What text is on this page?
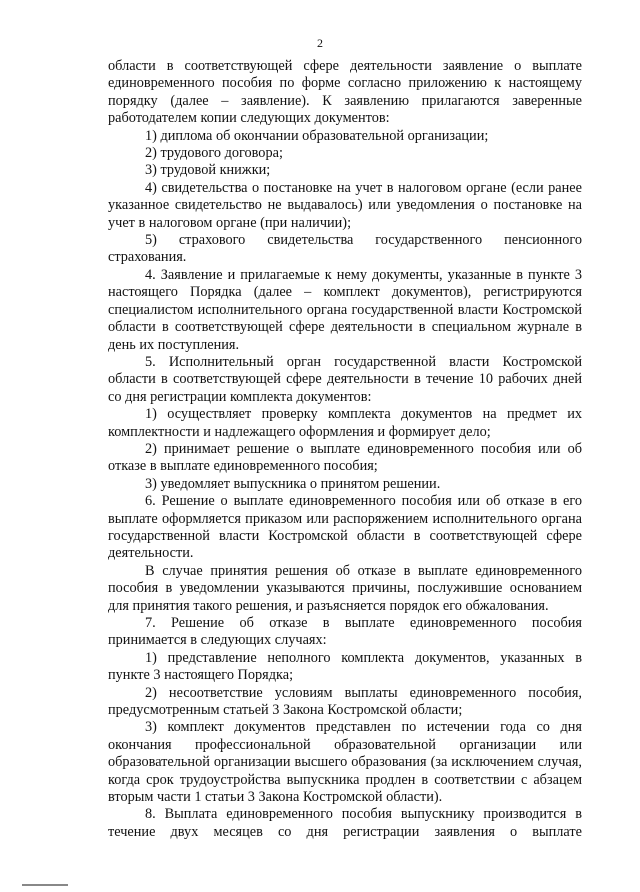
2

области в соответствующей сфере деятельности заявление о выплате единовременного пособия по форме согласно приложению к настоящему порядку (далее – заявление). К заявлению прилагаются заверенные работодателем копии следующих документов:

1) диплома об окончании образовательной организации;

2) трудового договора;

3) трудовой книжки;

4) свидетельства о постановке на учет в налоговом органе (если ранее указанное свидетельство не выдавалось) или уведомления о постановке на учет в налоговом органе (при наличии);

5) страхового свидетельства государственного пенсионного страхования.

4. Заявление и прилагаемые к нему документы, указанные в пункте 3 настоящего Порядка (далее – комплект документов), регистрируются специалистом исполнительного органа государственной власти Костромской области в соответствующей сфере деятельности в специальном журнале в день их поступления.

5. Исполнительный орган государственной власти Костромской области в соответствующей сфере деятельности в течение 10 рабочих дней со дня регистрации комплекта документов:

1) осуществляет проверку комплекта документов на предмет их комплектности и надлежащего оформления и формирует дело;

2) принимает решение о выплате единовременного пособия или об отказе в выплате единовременного пособия;

3) уведомляет выпускника о принятом решении.

6. Решение о выплате единовременного пособия или об отказе в его выплате оформляется приказом или распоряжением исполнительного органа государственной власти Костромской области в соответствующей сфере деятельности.

В случае принятия решения об отказе в выплате единовременного пособия в уведомлении указываются причины, послужившие основанием для принятия такого решения, и разъясняется порядок его обжалования.

7. Решение об отказе в выплате единовременного пособия принимается в следующих случаях:

1) представление неполного комплекта документов, указанных в пункте 3 настоящего Порядка;

2) несоответствие условиям выплаты единовременного пособия, предусмотренным статьей 3 Закона Костромской области;

3) комплект документов представлен по истечении года со дня окончания профессиональной образовательной организации или образовательной организации высшего образования (за исключением случая, когда срок трудоустройства выпускника продлен в соответствии с абзацем вторым части 1 статьи 3 Закона Костромской области).

8. Выплата единовременного пособия выпускнику производится в течение двух месяцев со дня регистрации заявления о выплате
